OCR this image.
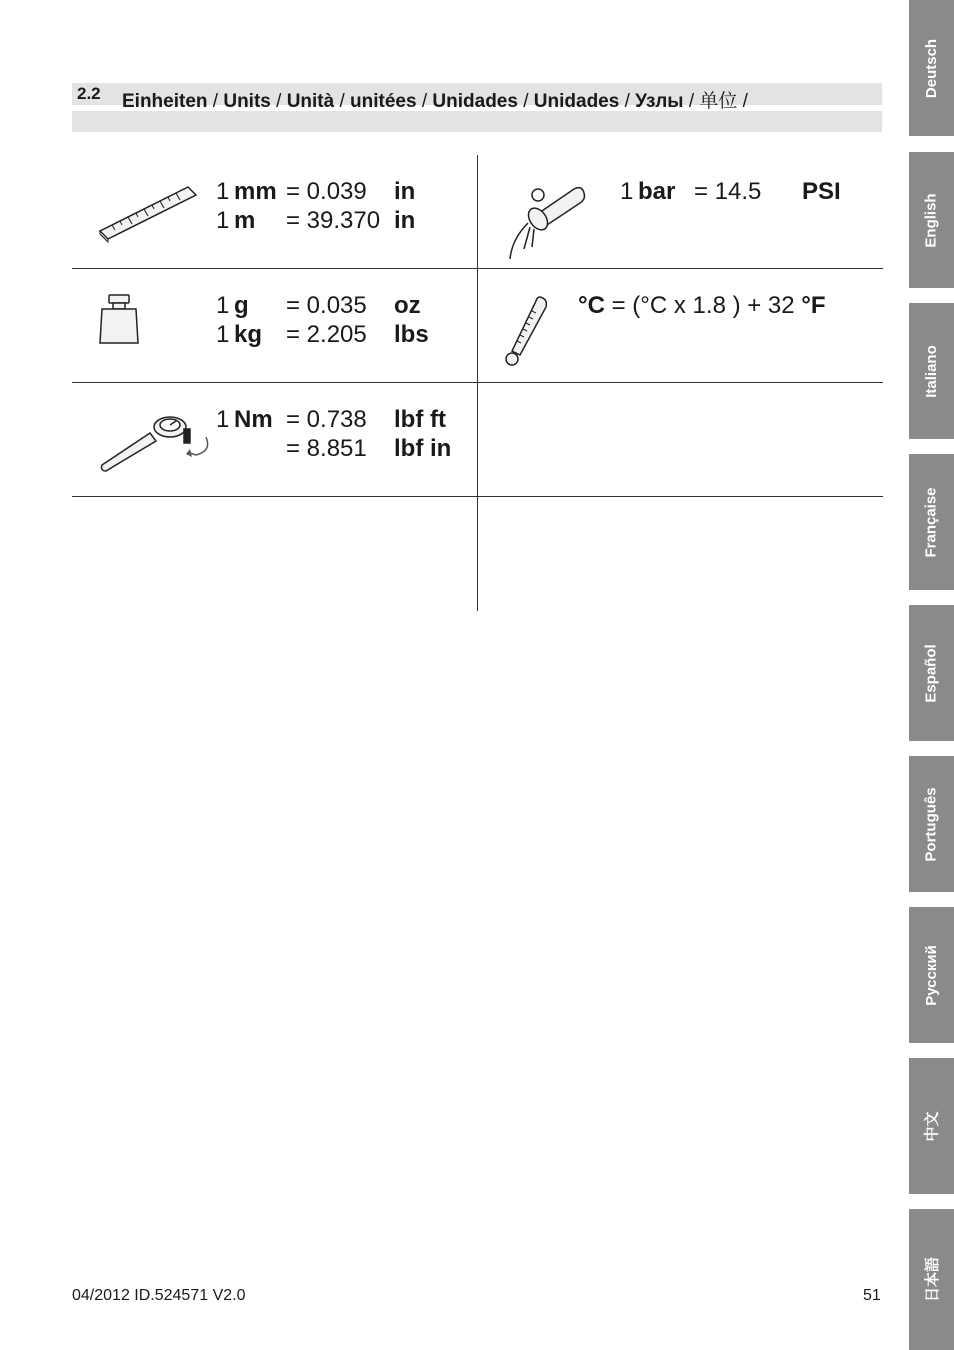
2.2 Einheiten / Units / Unità / unitées / Unidades / Unidades / Узлы / 单位 /
1 mm = 0.039	in
1 m	= 39.370 in
1 bar = 14.5	PSI
1 g	= 0.035	oz
1 kg = 2.205	lbs
°C = (°C x 1.8 ) + 32 °F
1 Nm = 0.738	lbf ft
= 8.851	lbf in
Deutsch
English
Italiano
Française
Español
Português
Русский
中文
日本語
04/2012 ID.524571 V2.0	51
